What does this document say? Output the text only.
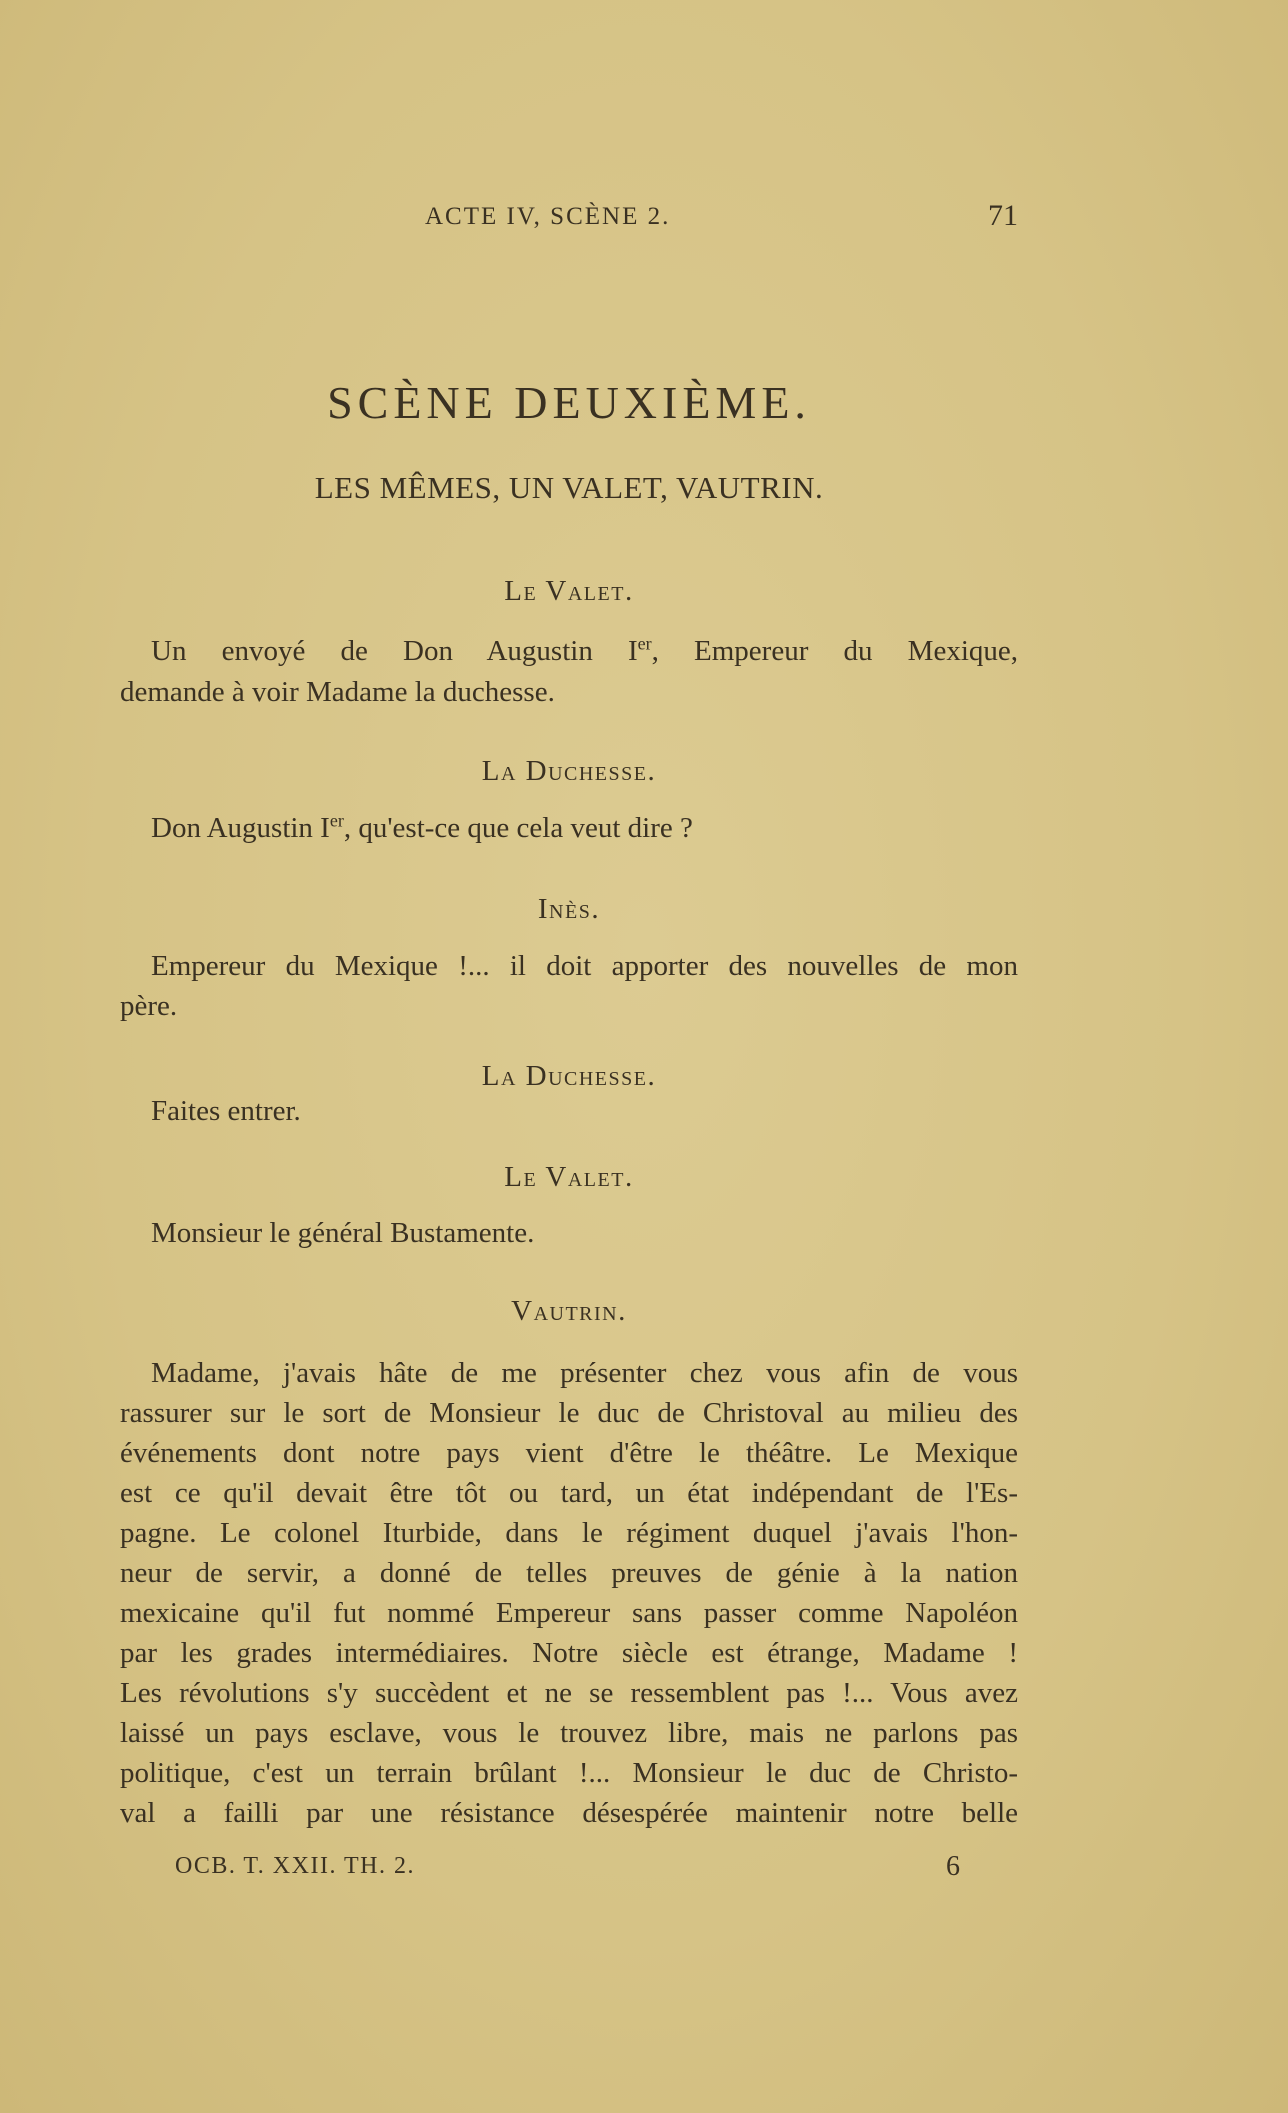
ACTE IV, SCÈNE 2.	71
SCÈNE DEUXIÈME.
LES MÊMES, UN VALET, VAUTRIN.
Le Valet.
Un envoyé de Don Augustin Ier, Empereur du Mexique,
demande à voir Madame la duchesse.
La Duchesse.
Don Augustin Ier, qu'est-ce que cela veut dire ?
Inès.
Empereur du Mexique !... il doit apporter des nouvelles de mon
père.
La Duchesse.
Faites entrer.
Le Valet.
Monsieur le général Bustamente.
Vautrin.
Madame, j'avais hâte de me présenter chez vous afin de vous
rassurer sur le sort de Monsieur le duc de Christoval au milieu des
événements dont notre pays vient d'être le théâtre. Le Mexique
est ce qu'il devait être tôt ou tard, un état indépendant de l'Es-
pagne. Le colonel Iturbide, dans le régiment duquel j'avais l'hon-
neur de servir, a donné de telles preuves de génie à la nation
mexicaine qu'il fut nommé Empereur sans passer comme Napoléon
par les grades intermédiaires. Notre siècle est étrange, Madame !
Les révolutions s'y succèdent et ne se ressemblent pas !... Vous avez
laissé un pays esclave, vous le trouvez libre, mais ne parlons pas
politique, c'est un terrain brûlant !... Monsieur le duc de Christo-
val a failli par une résistance désespérée maintenir notre belle
OCB. T. XXII. TH. 2.	6
